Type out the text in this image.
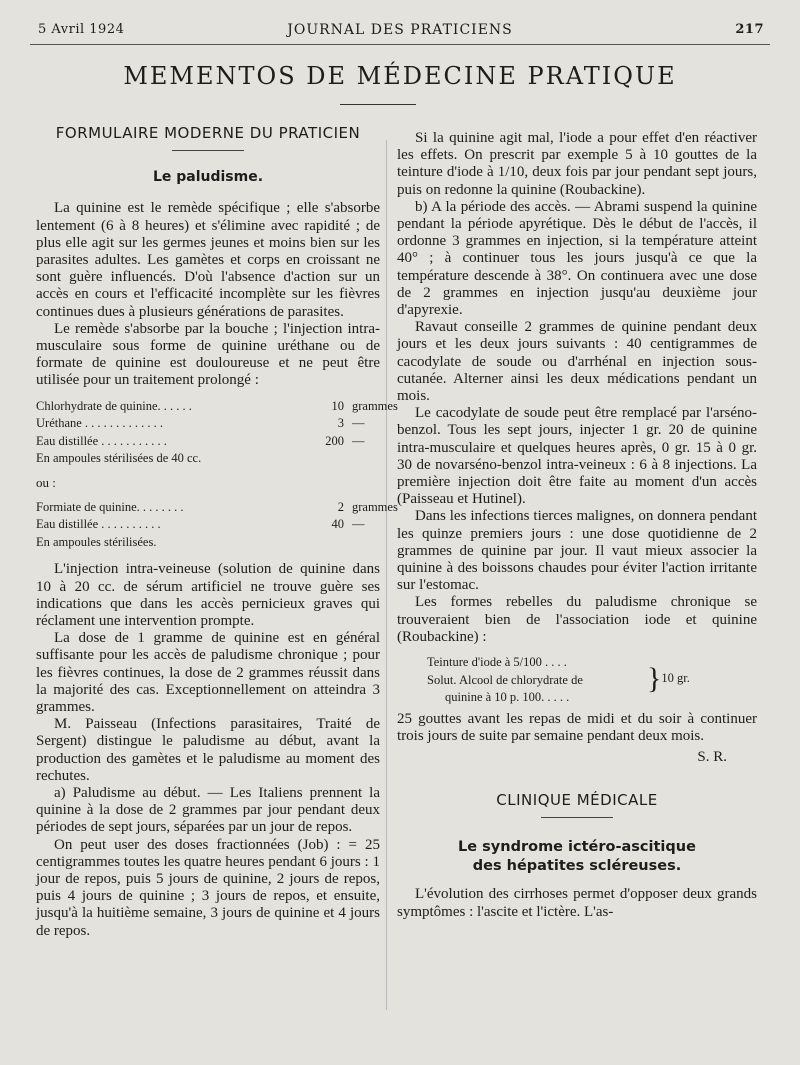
5 Avril 1924	JOURNAL DES PRATICIENS	217
MEMENTOS DE MÉDECINE PRATIQUE

FORMULAIRE MODERNE DU PRATICIEN

Le paludisme.

La quinine est le remède spécifique ; elle s'absorbe lentement (6 à 8 heures) et s'élimine avec rapidité ; de plus elle agit sur les germes jeunes et moins bien sur les parasites adultes. Les gamètes et corps en croissant ne sont guère influencés. D'où l'absence d'action sur un accès en cours et l'efficacité incomplète sur les fièvres continues dues à plusieurs générations de parasites.

Le remède s'absorbe par la bouche ; l'injection intra-musculaire sous forme de quinine uréthane ou de formate de quinine est douloureuse et ne peut être utilisée pour un traitement prolongé :

Chlorhydrate de quinine. . . . . .	10 grammes
Uréthane . . . . . . . . . . . . .	3 —
Eau distillée . . . . . . . . . . .	200 —
En ampoules stérilisées de 40 cc.

ou :

Formiate de quinine. . . . . . . .	2 grammes
Eau distillée . . . . . . . . . .	40 —
En ampoules stérilisées.

L'injection intra-veineuse (solution de quinine dans 10 à 20 cc. de sérum artificiel ne trouve guère ses indications que dans les accès pernicieux graves qui réclament une intervention prompte.

La dose de 1 gramme de quinine est en général suffisante pour les accès de paludisme chronique ; pour les fièvres continues, la dose de 2 grammes réussit dans la majorité des cas. Exceptionnellement on atteindra 3 grammes.

M. Paisseau (Infections parasitaires, Traité de Sergent) distingue le paludisme au début, avant la production des gamètes et le paludisme au moment des rechutes.

a) Paludisme au début. — Les Italiens prennent la quinine à la dose de 2 grammes par jour pendant deux périodes de sept jours, séparées par un jour de repos.

On peut user des doses fractionnées (Job) : = 25 centigrammes toutes les quatre heures pendant 6 jours : 1 jour de repos, puis 5 jours de quinine, 2 jours de repos, puis 4 jours de quinine ; 3 jours de repos, et ensuite, jusqu'à la huitième semaine, 3 jours de quinine et 4 jours de repos.

Si la quinine agit mal, l'iode a pour effet d'en réactiver les effets. On prescrit par exemple 5 à 10 gouttes de la teinture d'iode à 1/10, deux fois par jour pendant sept jours, puis on redonne la quinine (Roubackine).

b) A la période des accès. — Abrami suspend la quinine pendant la période apyrétique. Dès le début de l'accès, il ordonne 3 grammes en injection, si la température atteint 40° ; à continuer tous les jours jusqu'à ce que la température descende à 38°. On continuera avec une dose de 2 grammes en injection jusqu'au deuxième jour d'apyrexie.

Ravaut conseille 2 grammes de quinine pendant deux jours et les deux jours suivants : 40 centigrammes de cacodylate de soude ou d'arrhénal en injection sous-cutanée. Alterner ainsi les deux médications pendant un mois.

Le cacodylate de soude peut être remplacé par l'arséno-benzol. Tous les sept jours, injecter 1 gr. 20 de quinine intra-musculaire et quelques heures après, 0 gr. 15 à 0 gr. 30 de novarséno-benzol intra-veineux : 6 à 8 injections. La première injection doit être faite au moment d'un accès (Paisseau et Hutinel).

Dans les infections tierces malignes, on donnera pendant les quinze premiers jours : une dose quotidienne de 2 grammes de quinine par jour. Il vaut mieux associer la quinine à des boissons chaudes pour éviter l'action irritante sur l'estomac.

Les formes rebelles du paludisme chronique se trouveraient bien de l'association iode et quinine (Roubackine) :

Teinture d'iode à 5/100 . . . .
Solut. Alcool de chlorydrate de
quinine à 10 p. 100. . . . .
} 10 gr.

25 gouttes avant les repas de midi et du soir à continuer trois jours de suite par semaine pendant deux mois.

S. R.

CLINIQUE MÉDICALE

Le syndrome ictéro-ascitique

des hépatites scléreuses.

L'évolution des cirrhoses permet d'opposer deux grands symptômes : l'ascite et l'ictère. L'as-
